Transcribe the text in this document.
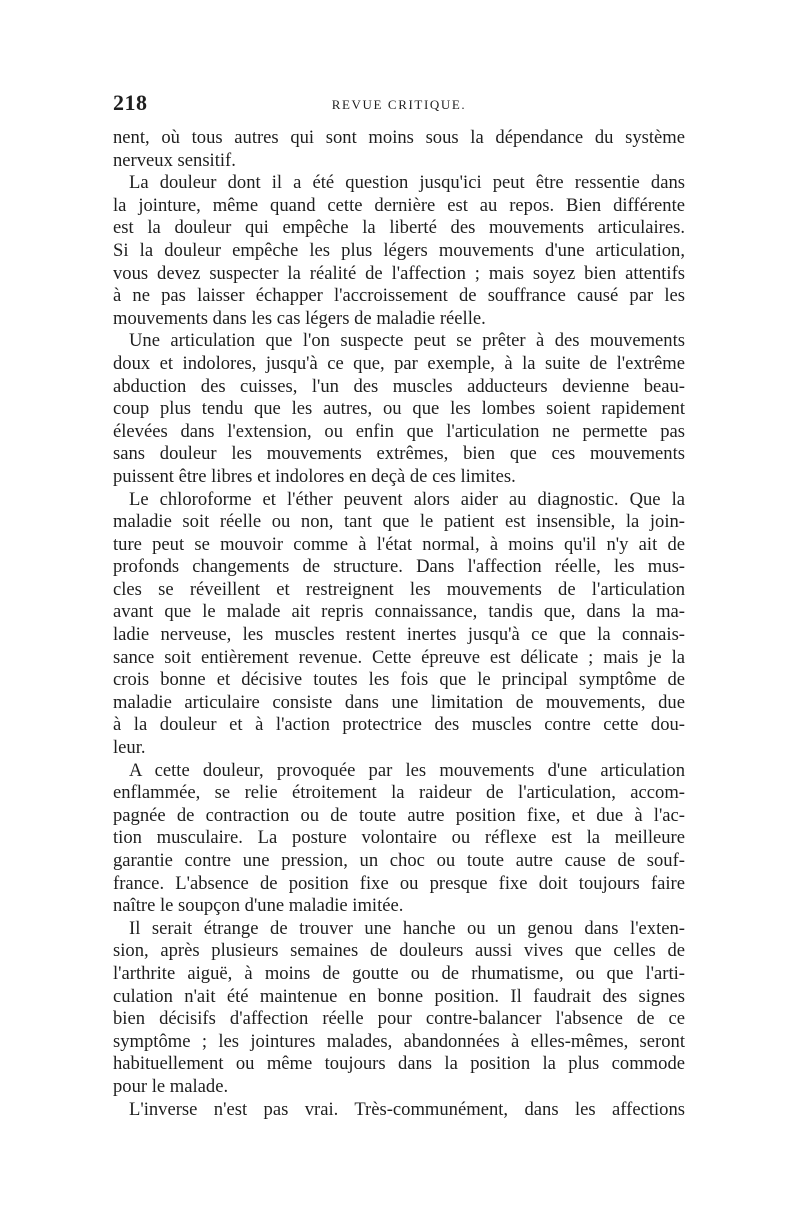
218	REVUE CRITIQUE.
nent, où tous autres qui sont moins sous la dépendance du système
nerveux sensitif.
La douleur dont il a été question jusqu'ici peut être ressentie dans
la jointure, même quand cette dernière est au repos. Bien différente
est la douleur qui empêche la liberté des mouvements articulaires.
Si la douleur empêche les plus légers mouvements d'une articulation,
vous devez suspecter la réalité de l'affection ; mais soyez bien attentifs
à ne pas laisser échapper l'accroissement de souffrance causé par les
mouvements dans les cas légers de maladie réelle.
Une articulation que l'on suspecte peut se prêter à des mouvements
doux et indolores, jusqu'à ce que, par exemple, à la suite de l'extrême
abduction des cuisses, l'un des muscles adducteurs devienne beau-
coup plus tendu que les autres, ou que les lombes soient rapidement
élevées dans l'extension, ou enfin que l'articulation ne permette pas
sans douleur les mouvements extrêmes, bien que ces mouvements
puissent être libres et indolores en deçà de ces limites.
Le chloroforme et l'éther peuvent alors aider au diagnostic. Que la
maladie soit réelle ou non, tant que le patient est insensible, la join-
ture peut se mouvoir comme à l'état normal, à moins qu'il n'y ait de
profonds changements de structure. Dans l'affection réelle, les mus-
cles se réveillent et restreignent les mouvements de l'articulation
avant que le malade ait repris connaissance, tandis que, dans la ma-
ladie nerveuse, les muscles restent inertes jusqu'à ce que la connais-
sance soit entièrement revenue. Cette épreuve est délicate ; mais je la
crois bonne et décisive toutes les fois que le principal symptôme de
maladie articulaire consiste dans une limitation de mouvements, due
à la douleur et à l'action protectrice des muscles contre cette dou-
leur.
A cette douleur, provoquée par les mouvements d'une articulation
enflammée, se relie étroitement la raideur de l'articulation, accom-
pagnée de contraction ou de toute autre position fixe, et due à l'ac-
tion musculaire. La posture volontaire ou réflexe est la meilleure
garantie contre une pression, un choc ou toute autre cause de souf-
france. L'absence de position fixe ou presque fixe doit toujours faire
naître le soupçon d'une maladie imitée.
Il serait étrange de trouver une hanche ou un genou dans l'exten-
sion, après plusieurs semaines de douleurs aussi vives que celles de
l'arthrite aiguë, à moins de goutte ou de rhumatisme, ou que l'arti-
culation n'ait été maintenue en bonne position. Il faudrait des signes
bien décisifs d'affection réelle pour contre-balancer l'absence de ce
symptôme ; les jointures malades, abandonnées à elles-mêmes, seront
habituellement ou même toujours dans la position la plus commode
pour le malade.
L'inverse n'est pas vrai. Très-communément, dans les affections
